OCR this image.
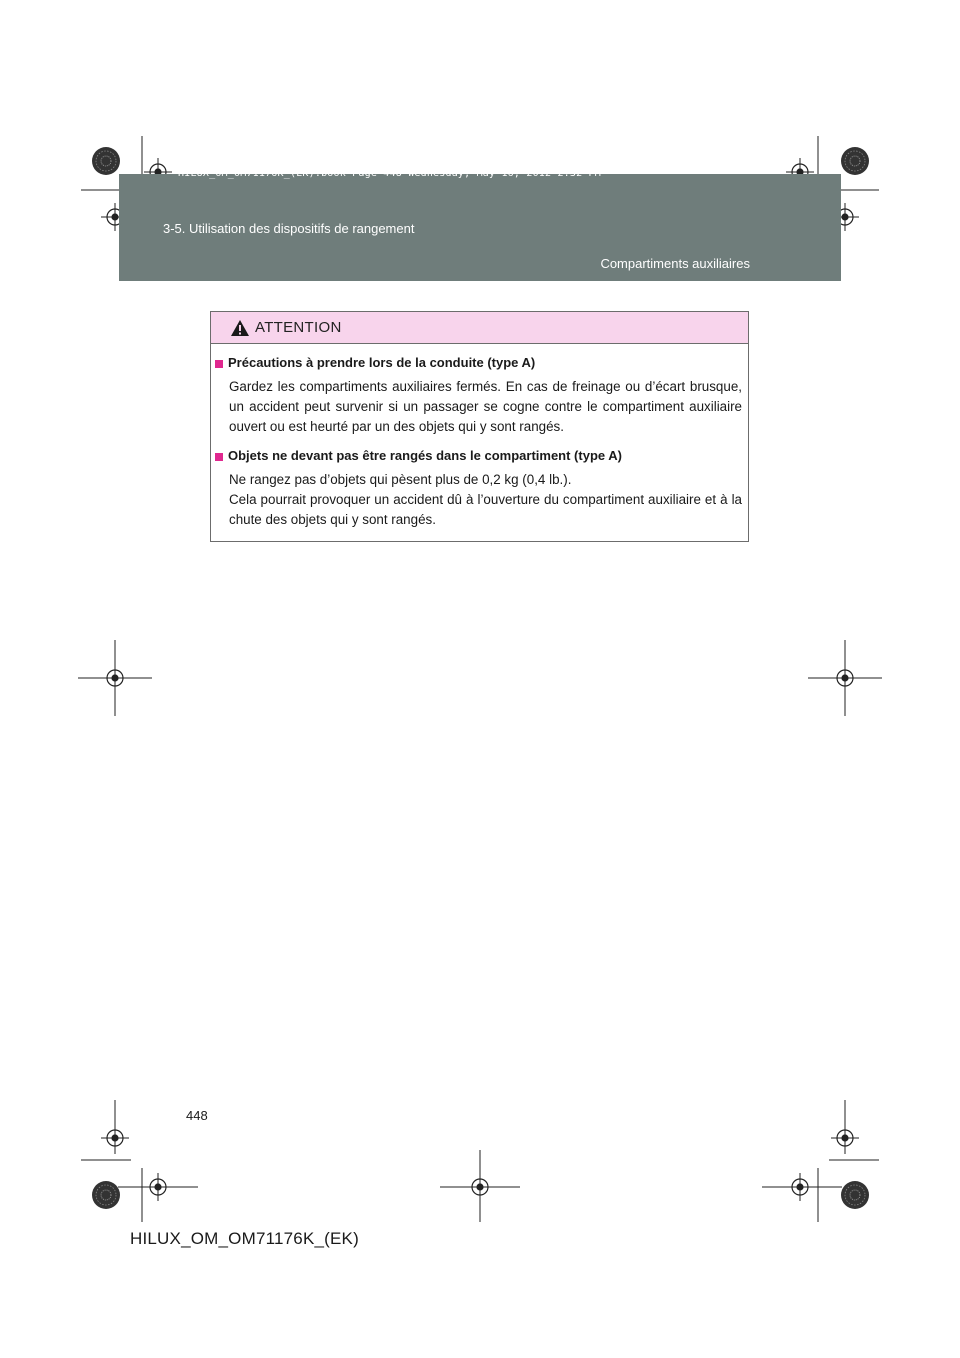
HILUX_OM_OM71176K_(EK).book Page 448 Wednesday, May 16, 2012 2:32 PM
3-5. Utilisation des dispositifs de rangement
Compartiments auxiliaires
ATTENTION
Précautions à prendre lors de la conduite (type A)
Gardez les compartiments auxiliaires fermés. En cas de freinage ou d’écart brusque, un accident peut survenir si un passager se cogne contre le compartiment auxiliaire ouvert ou est heurté par un des objets qui y sont rangés.
Objets ne devant pas être rangés dans le compartiment (type A)
Ne rangez pas d’objets qui pèsent plus de 0,2 kg (0,4 lb.).
Cela pourrait provoquer un accident dû à l’ouverture du compartiment auxiliaire et à la chute des objets qui y sont rangés.
448
HILUX_OM_OM71176K_(EK)
